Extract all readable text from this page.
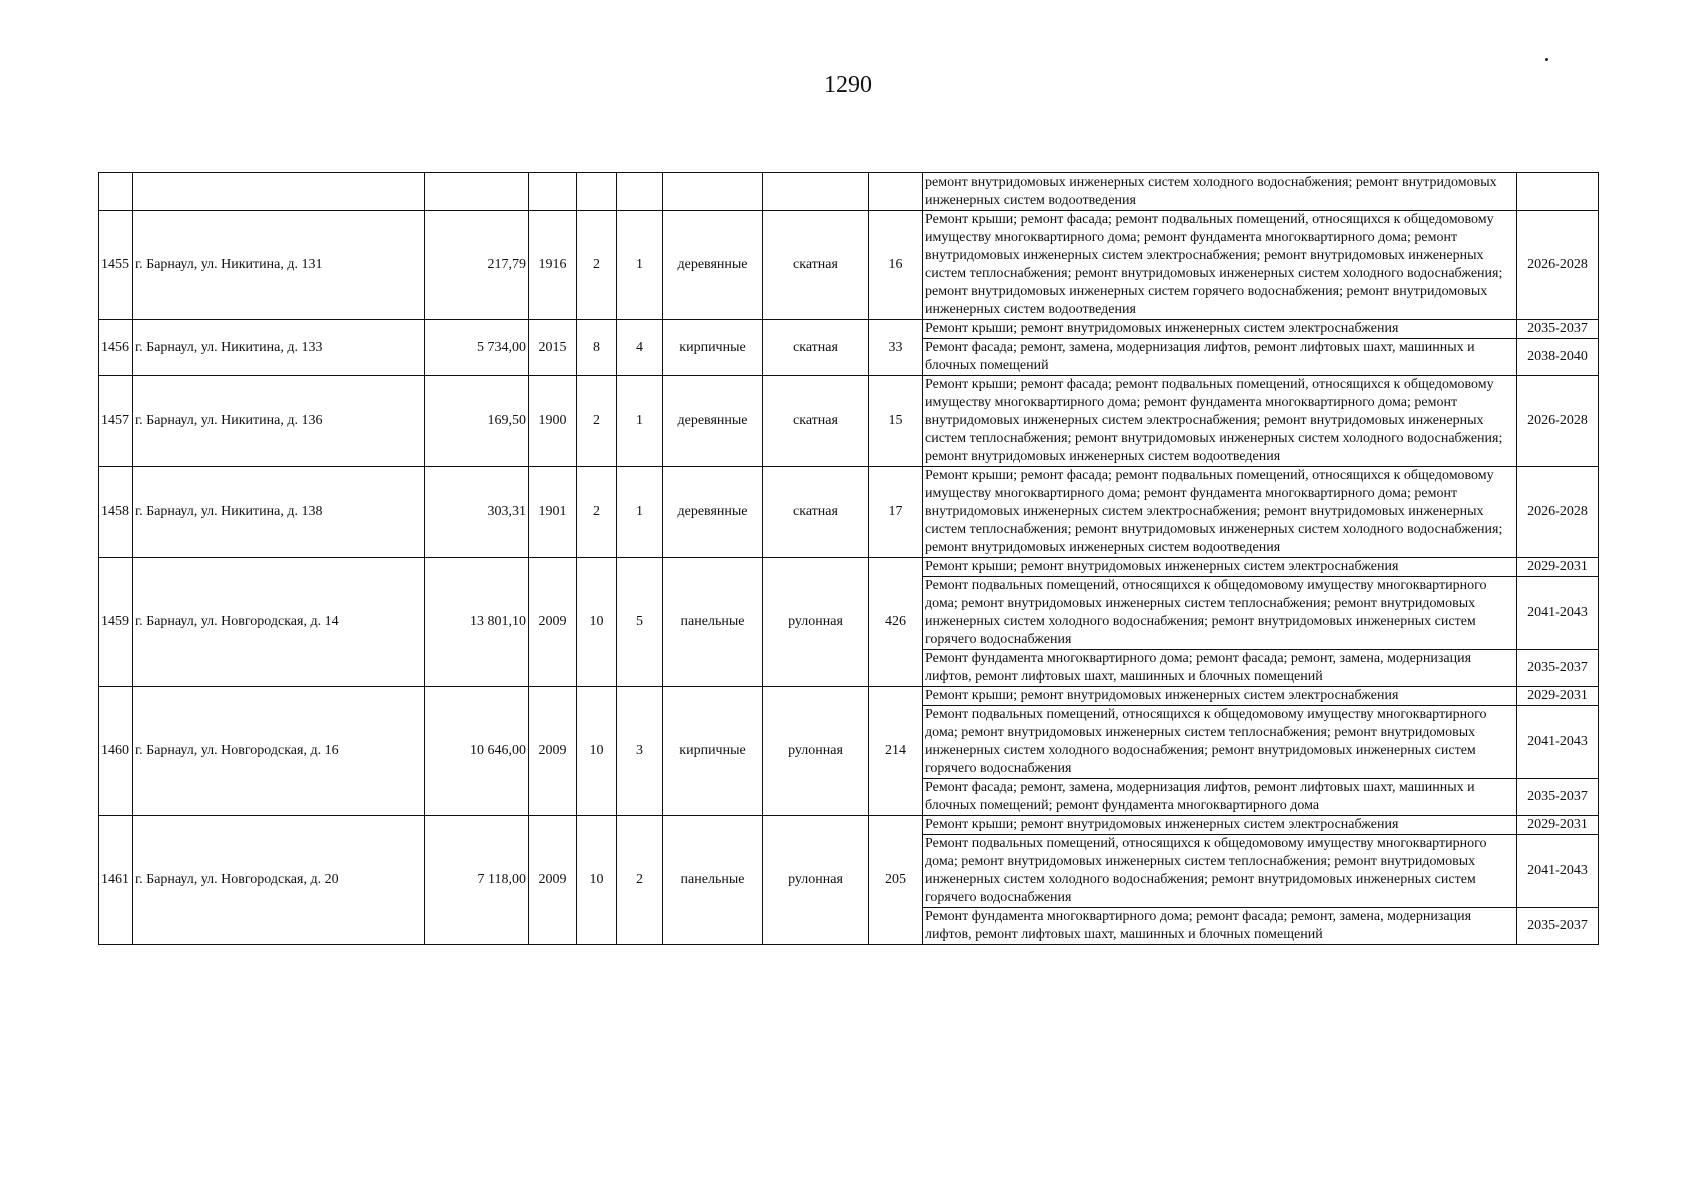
1290
									ремонт внутридомовых инженерных систем холодного водоснабжения; ремонт внутридомовых инженерных систем водоотведения	
1455	г. Барнаул, ул. Никитина, д. 131	217,79	1916	2	1	деревянные	скатная	16	Ремонт крыши; ремонт фасада; ремонт подвальных помещений, относящихся к общедомовому имуществу многоквартирного дома; ремонт фундамента многоквартирного дома; ремонт внутридомовых инженерных систем электроснабжения; ремонт внутридомовых инженерных систем теплоснабжения; ремонт внутридомовых инженерных систем холодного водоснабжения; ремонт внутридомовых инженерных систем горячего водоснабжения; ремонт внутридомовых инженерных систем водоотведения	2026-2028
1456	г. Барнаул, ул. Никитина, д. 133	5 734,00	2015	8	4	кирпичные	скатная	33	Ремонт крыши; ремонт внутридомовых инженерных систем электроснабжения	2035-2037
									Ремонт фасада; ремонт, замена, модернизация лифтов, ремонт лифтовых шахт, машинных и блочных помещений	2038-2040
1457	г. Барнаул, ул. Никитина, д. 136	169,50	1900	2	1	деревянные	скатная	15	Ремонт крыши; ремонт фасада; ремонт подвальных помещений, относящихся к общедомовому имуществу многоквартирного дома; ремонт фундамента многоквартирного дома; ремонт внутридомовых инженерных систем электроснабжения; ремонт внутридомовых инженерных систем теплоснабжения; ремонт внутридомовых инженерных систем холодного водоснабжения; ремонт внутридомовых инженерных систем водоотведения	2026-2028
1458	г. Барнаул, ул. Никитина, д. 138	303,31	1901	2	1	деревянные	скатная	17	Ремонт крыши; ремонт фасада; ремонт подвальных помещений, относящихся к общедомовому имуществу многоквартирного дома; ремонт фундамента многоквартирного дома; ремонт внутридомовых инженерных систем электроснабжения; ремонт внутридомовых инженерных систем теплоснабжения; ремонт внутридомовых инженерных систем холодного водоснабжения; ремонт внутридомовых инженерных систем водоотведения	2026-2028
1459	г. Барнаул, ул. Новгородская, д. 14	13 801,10	2009	10	5	панельные	рулонная	426	Ремонт крыши; ремонт внутридомовых инженерных систем электроснабжения	2029-2031
									Ремонт подвальных помещений, относящихся к общедомовому имуществу многоквартирного дома; ремонт внутридомовых инженерных систем теплоснабжения; ремонт внутридомовых инженерных систем холодного водоснабжения; ремонт внутридомовых инженерных систем горячего водоснабжения	2041-2043
									Ремонт фундамента многоквартирного дома; ремонт фасада; ремонт, замена, модернизация лифтов, ремонт лифтовых шахт, машинных и блочных помещений	2035-2037
1460	г. Барнаул, ул. Новгородская, д. 16	10 646,00	2009	10	3	кирпичные	рулонная	214	Ремонт крыши; ремонт внутридомовых инженерных систем электроснабжения	2029-2031
									Ремонт подвальных помещений, относящихся к общедомовому имуществу многоквартирного дома; ремонт внутридомовых инженерных систем теплоснабжения; ремонт внутридомовых инженерных систем холодного водоснабжения; ремонт внутридомовых инженерных систем горячего водоснабжения	2041-2043
									Ремонт фасада; ремонт, замена, модернизация лифтов, ремонт лифтовых шахт, машинных и блочных помещений; ремонт фундамента многоквартирного дома	2035-2037
1461	г. Барнаул, ул. Новгородская, д. 20	7 118,00	2009	10	2	панельные	рулонная	205	Ремонт крыши; ремонт внутридомовых инженерных систем электроснабжения	2029-2031
									Ремонт подвальных помещений, относящихся к общедомовому имуществу многоквартирного дома; ремонт внутридомовых инженерных систем теплоснабжения; ремонт внутридомовых инженерных систем холодного водоснабжения; ремонт внутридомовых инженерных систем горячего водоснабжения	2041-2043
									Ремонт фундамента многоквартирного дома; ремонт фасада; ремонт, замена, модернизация лифтов, ремонт лифтовых шахт, машинных и блочных помещений	2035-2037
